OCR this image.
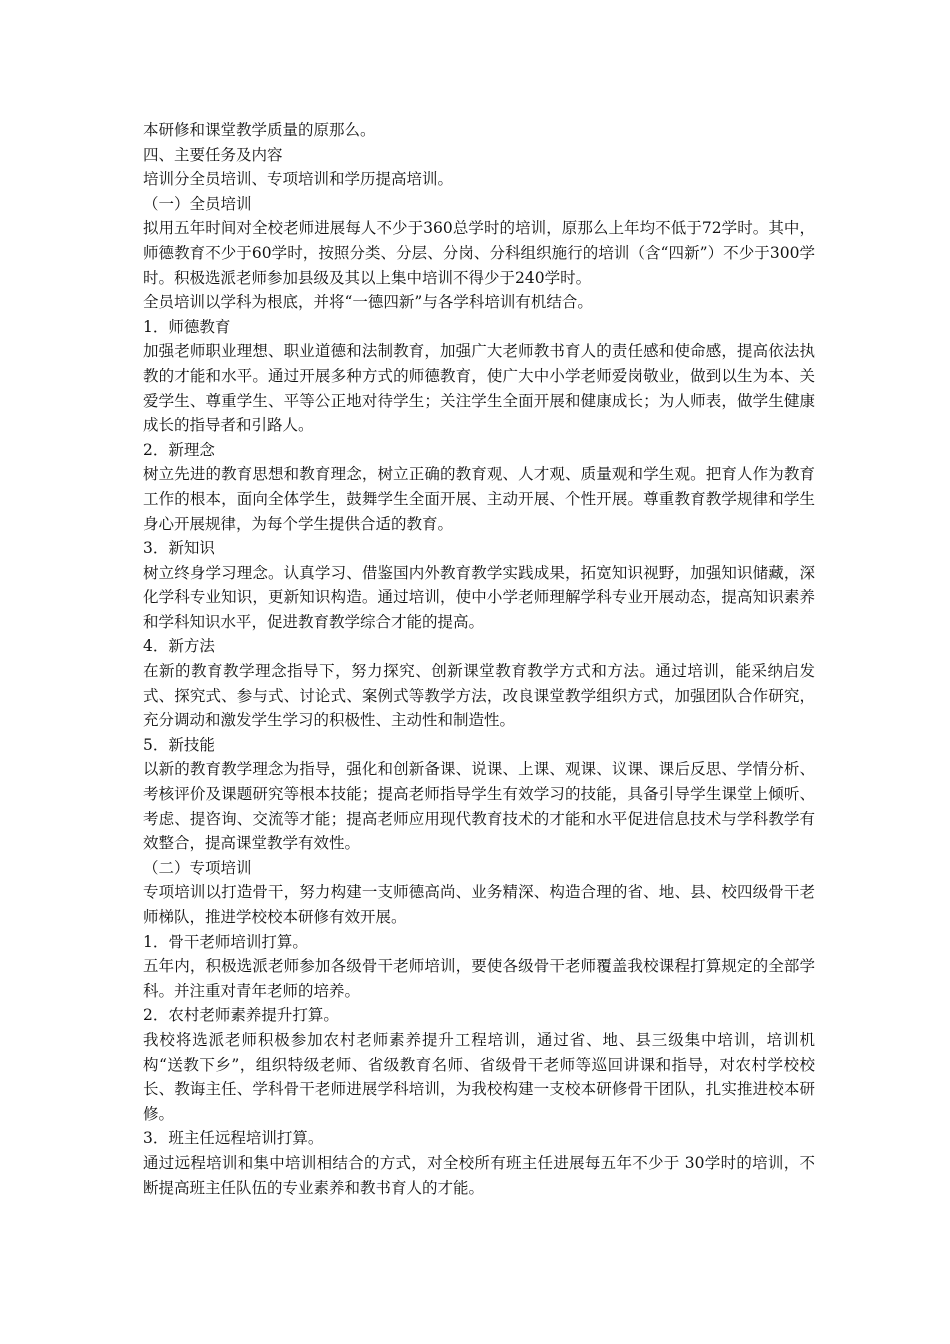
本研修和课堂教学质量的原那么。

四、主要任务及内容

培训分全员培训、专项培训和学历提高培训。

（一）全员培训

拟用五年时间对全校老师进展每人不少于360总学时的培训，原那么上年均不低于72学时。其中，师德教育不少于60学时，按照分类、分层、分岗、分科组织施行的培训（含“四新”）不少于300学时。积极选派老师参加县级及其以上集中培训不得少于240学时。

全员培训以学科为根底，并将“一德四新”与各学科培训有机结合。

1．师德教育

加强老师职业理想、职业道德和法制教育，加强广大老师教书育人的责任感和使命感，提高依法执教的才能和水平。通过开展多种方式的师德教育，使广大中小学老师爱岗敬业，做到以生为本、关爱学生、尊重学生、平等公正地对待学生；关注学生全面开展和健康成长；为人师表，做学生健康成长的指导者和引路人。

2．新理念

树立先进的教育思想和教育理念，树立正确的教育观、人才观、质量观和学生观。把育人作为教育工作的根本，面向全体学生，鼓舞学生全面开展、主动开展、个性开展。尊重教育教学规律和学生身心开展规律，为每个学生提供合适的教育。

3．新知识

树立终身学习理念。认真学习、借鉴国内外教育教学实践成果，拓宽知识视野，加强知识储藏，深化学科专业知识，更新知识构造。通过培训，使中小学老师理解学科专业开展动态，提高知识素养和学科知识水平，促进教育教学综合才能的提高。

4．新方法

在新的教育教学理念指导下，努力探究、创新课堂教育教学方式和方法。通过培训，能采纳启发式、探究式、参与式、讨论式、案例式等教学方法，改良课堂教学组织方式，加强团队合作研究，充分调动和激发学生学习的积极性、主动性和制造性。

5．新技能

以新的教育教学理念为指导，强化和创新备课、说课、上课、观课、议课、课后反思、学情分析、考核评价及课题研究等根本技能；提高老师指导学生有效学习的技能，具备引导学生课堂上倾听、考虑、提咨询、交流等才能；提高老师应用现代教育技术的才能和水平促进信息技术与学科教学有效整合，提高课堂教学有效性。

（二）专项培训

专项培训以打造骨干，努力构建一支师德高尚、业务精深、构造合理的省、地、县、校四级骨干老师梯队，推进学校校本研修有效开展。

1．骨干老师培训打算。

五年内，积极选派老师参加各级骨干老师培训，要使各级骨干老师覆盖我校课程打算规定的全部学科。并注重对青年老师的培养。

2．农村老师素养提升打算。

我校将选派老师积极参加农村老师素养提升工程培训，通过省、地、县三级集中培训，培训机构“送教下乡”，组织特级老师、省级教育名师、省级骨干老师等巡回讲课和指导，对农村学校校长、教诲主任、学科骨干老师进展学科培训，为我校构建一支校本研修骨干团队，扎实推进校本研修。

3．班主任远程培训打算。

通过远程培训和集中培训相结合的方式，对全校所有班主任进展每五年不少于 30学时的培训，不断提高班主任队伍的专业素养和教书育人的才能。
